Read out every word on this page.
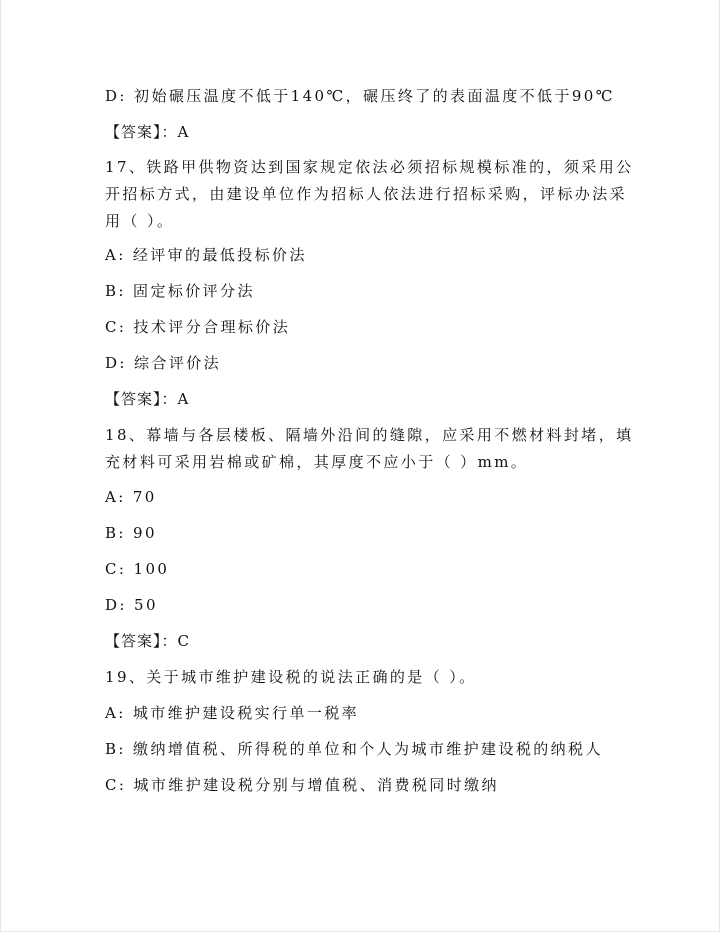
D: 初始碾压温度不低于140℃，碾压终了的表面温度不低于90℃
【答案】：A
17、铁路甲供物资达到国家规定依法必须招标规模标准的，须采用公
开招标方式，由建设单位作为招标人依法进行招标采购，评标办法采
用（ ）。
A: 经评审的最低投标价法
B: 固定标价评分法
C: 技术评分合理标价法
D: 综合评价法
【答案】：A
18、幕墙与各层楼板、隔墙外沿间的缝隙，应采用不燃材料封堵，填
充材料可采用岩棉或矿棉，其厚度不应小于（ ）mm。
A: 70
B: 90
C: 100
D: 50
【答案】：C
19、关于城市维护建设税的说法正确的是（ ）。
A: 城市维护建设税实行单一税率
B: 缴纳增值税、所得税的单位和个人为城市维护建设税的纳税人
C: 城市维护建设税分别与增值税、消费税同时缴纳
